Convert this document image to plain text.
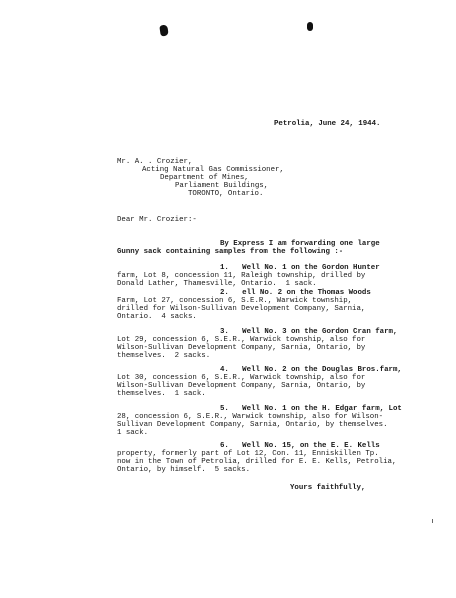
Petrolia, June 24, 1944.
Mr. A. . Crozier,
Acting Natural Gas Commissioner,
Department of Mines,
Parliament Buildings,
TORONTO, Ontario.
Dear Mr. Crozier:-
By Express I am forwarding one large
Gunny sack containing samples from the following :-
1.   Well No. 1 on the Gordon Hunter
farm, Lot 8, concession 11, Raleigh township, drilled by
Donald Lather, Thamesville, Ontario.  1 sack.
2.   ell No. 2 on the Thomas Woods
Farm, Lot 27, concession 6, S.E.R., Warwick township,
drilled for Wilson-Sullivan Development Company, Sarnia,
Ontario.  4 sacks.
3.   Well No. 3 on the Gordon Cran farm,
Lot 29, concession 6, S.E.R., Warwick township, also for
Wilson-Sullivan Development Company, Sarnia, Ontario, by
themselves.  2 sacks.
4.   Well No. 2 on the Douglas Bros.farm,
Lot 30, concession 6, S.E.R., Warwick township, also for
Wilson-Sullivan Development Company, Sarnia, Ontario, by
themselves.  1 sack.
5.   Well No. 1 on the H. Edgar farm, Lot
28, concession 6, S.E.R., Warwick township, also for Wilson-
Sullivan Development Company, Sarnia, Ontario, by themselves.
1 sack.
6.   Well No. 15, on the E. E. Kells
property, formerly part of Lot 12, Con. 11, Enniskillen Tp.
now in the Town of Petrolia, drilled for E. E. Kells, Petrolia,
Ontario, by himself.  5 sacks.
Yours faithfully,
